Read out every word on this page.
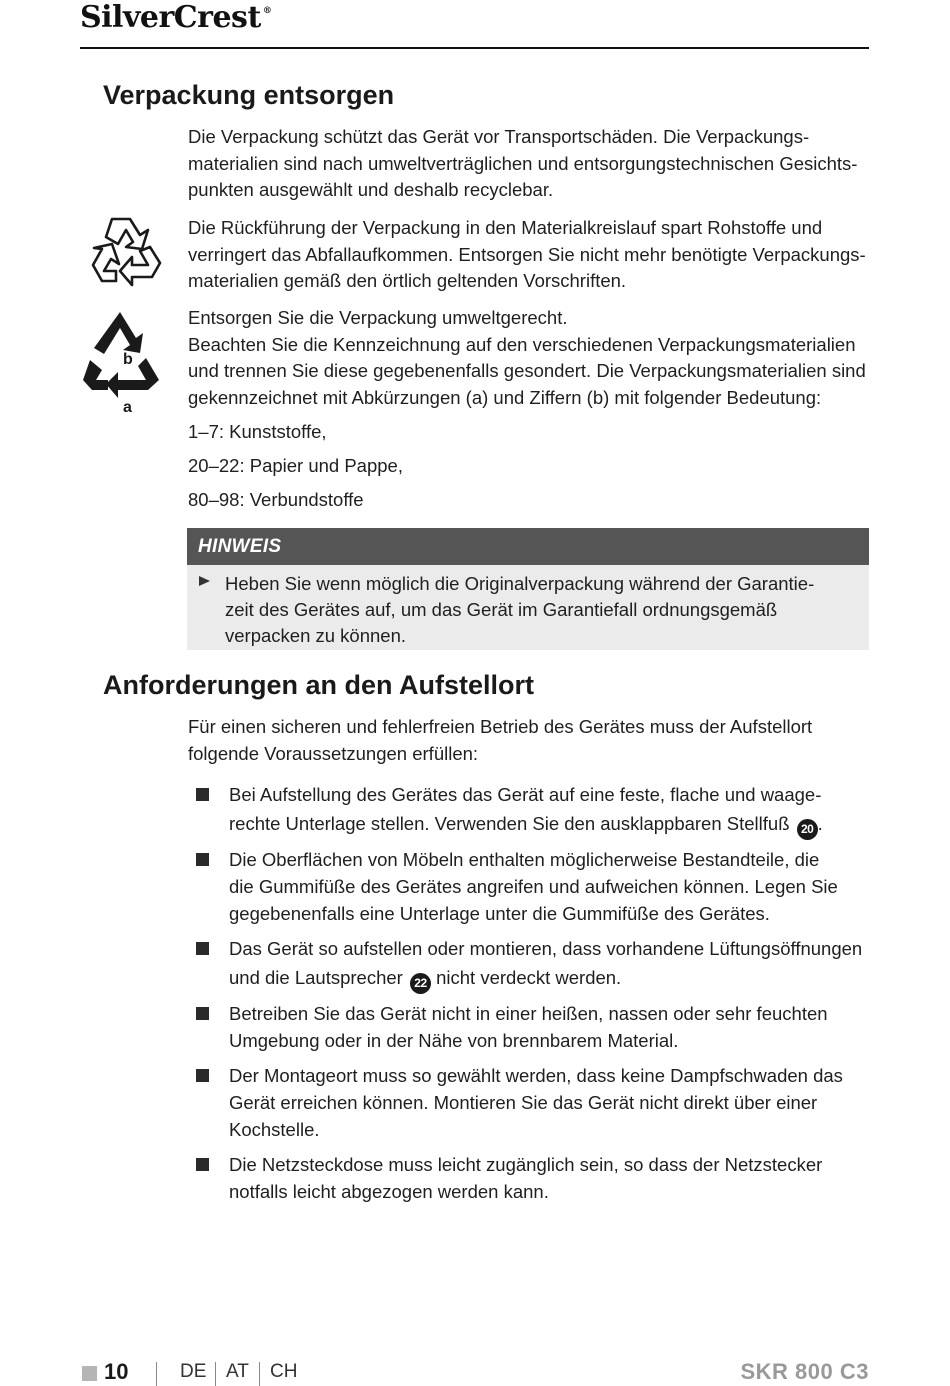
SilverCrest ®
Verpackung entsorgen

Die Verpackung schützt das Gerät vor Transportschäden. Die Verpackungs-
materialien sind nach umweltverträglichen und entsorgungstechnischen Gesichts-
punkten ausgewählt und deshalb recyclebar.

Die Rückführung der Verpackung in den Materialkreislauf spart Rohstoffe und
verringert das Abfallaufkommen. Entsorgen Sie nicht mehr benötigte Verpackungs-
materialien gemäß den örtlich geltenden Vorschriften.

b
a

Entsorgen Sie die Verpackung umweltgerecht.
Beachten Sie die Kennzeichnung auf den verschiedenen Verpackungsmaterialien
und trennen Sie diese gegebenenfalls gesondert. Die Verpackungsmaterialien sind
gekennzeichnet mit Abkürzungen (a) und Ziffern (b) mit folgender Bedeutung:

1–7: Kunststoffe,

20–22: Papier und Pappe,

80–98: Verbundstoffe

HINWEIS
Heben Sie wenn möglich die Originalverpackung während der Garantie-
zeit des Gerätes auf, um das Gerät im Garantiefall ordnungsgemäß
verpacken zu können.
Anforderungen an den Aufstellort

Für einen sicheren und fehlerfreien Betrieb des Gerätes muss der Aufstellort
folgende Voraussetzungen erfüllen:

Bei Aufstellung des Gerätes das Gerät auf eine feste, flache und waage-
rechte Unterlage stellen. Verwenden Sie den ausklappbaren Stellfuß 20 .

Die Oberflächen von Möbeln enthalten möglicherweise Bestandteile, die
die Gummifüße des Gerätes angreifen und aufweichen können. Legen Sie
gegebenenfalls eine Unterlage unter die Gummifüße des Gerätes.

Das Gerät so aufstellen oder montieren, dass vorhandene Lüftungsöffnungen
und die Lautsprecher 22 nicht verdeckt werden.

Betreiben Sie das Gerät nicht in einer heißen, nassen oder sehr feuchten
Umgebung oder in der Nähe von brennbarem Material.

Der Montageort muss so gewählt werden, dass keine Dampfschwaden das
Gerät erreichen können. Montieren Sie das Gerät nicht direkt über einer
Kochstelle.

Die Netzsteckdose muss leicht zugänglich sein, so dass der Netzstecker
notfalls leicht abgezogen werden kann.

10	DE AT CH	SKR 800 C3
